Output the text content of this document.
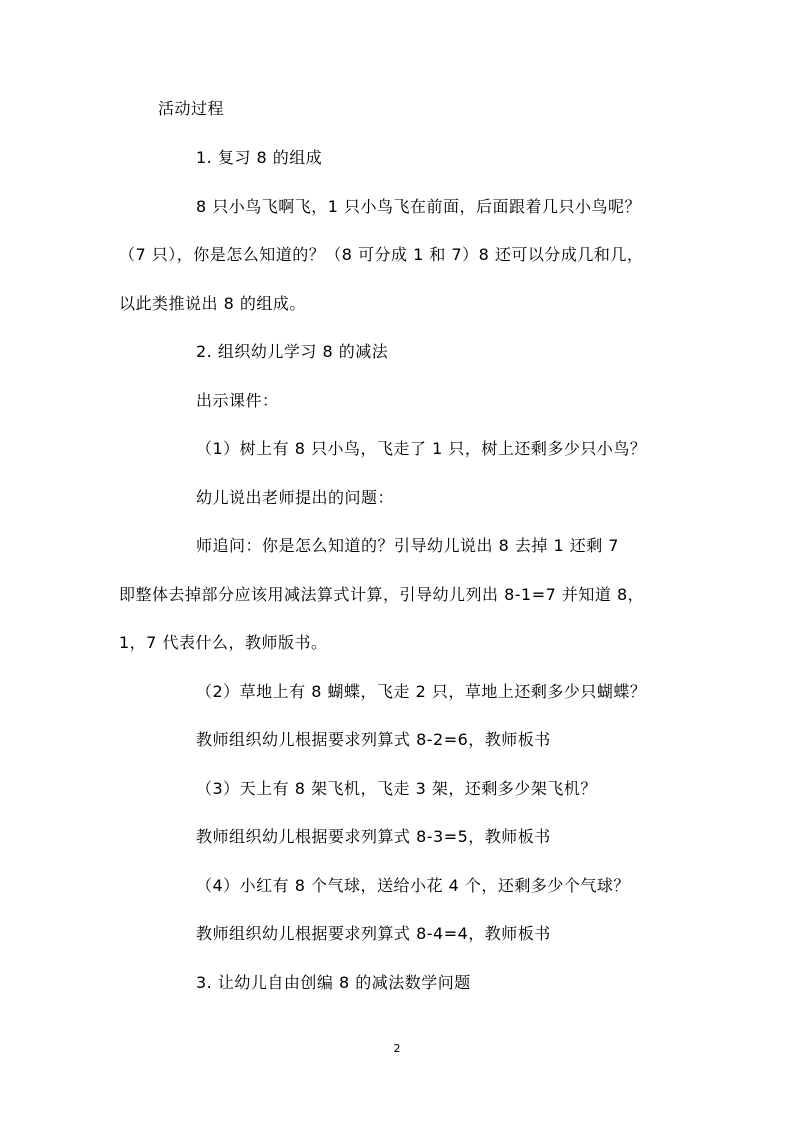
活动过程
1. 复习 8 的组成
8 只小鸟飞啊飞，1 只小鸟飞在前面，后面跟着几只小鸟呢？
（7 只），你是怎么知道的？（8 可分成 1 和 7）8 还可以分成几和几，
以此类推说出 8 的组成。
2. 组织幼儿学习 8 的减法
出示课件：
（1）树上有 8 只小鸟，飞走了 1 只，树上还剩多少只小鸟？
幼儿说出老师提出的问题：
师追问：你是怎么知道的？引导幼儿说出 8 去掉 1 还剩 7
即整体去掉部分应该用减法算式计算，引导幼儿列出 8-1=7 并知道 8，
1，7 代表什么，教师版书。
（2）草地上有 8 蝴蝶，飞走 2 只，草地上还剩多少只蝴蝶？
教师组织幼儿根据要求列算式 8-2=6，教师板书
（3）天上有 8 架飞机，飞走 3 架，还剩多少架飞机？
教师组织幼儿根据要求列算式 8-3=5，教师板书
（4）小红有 8 个气球，送给小花 4 个，还剩多少个气球？
教师组织幼儿根据要求列算式 8-4=4，教师板书
3. 让幼儿自由创编 8 的减法数学问题
2
